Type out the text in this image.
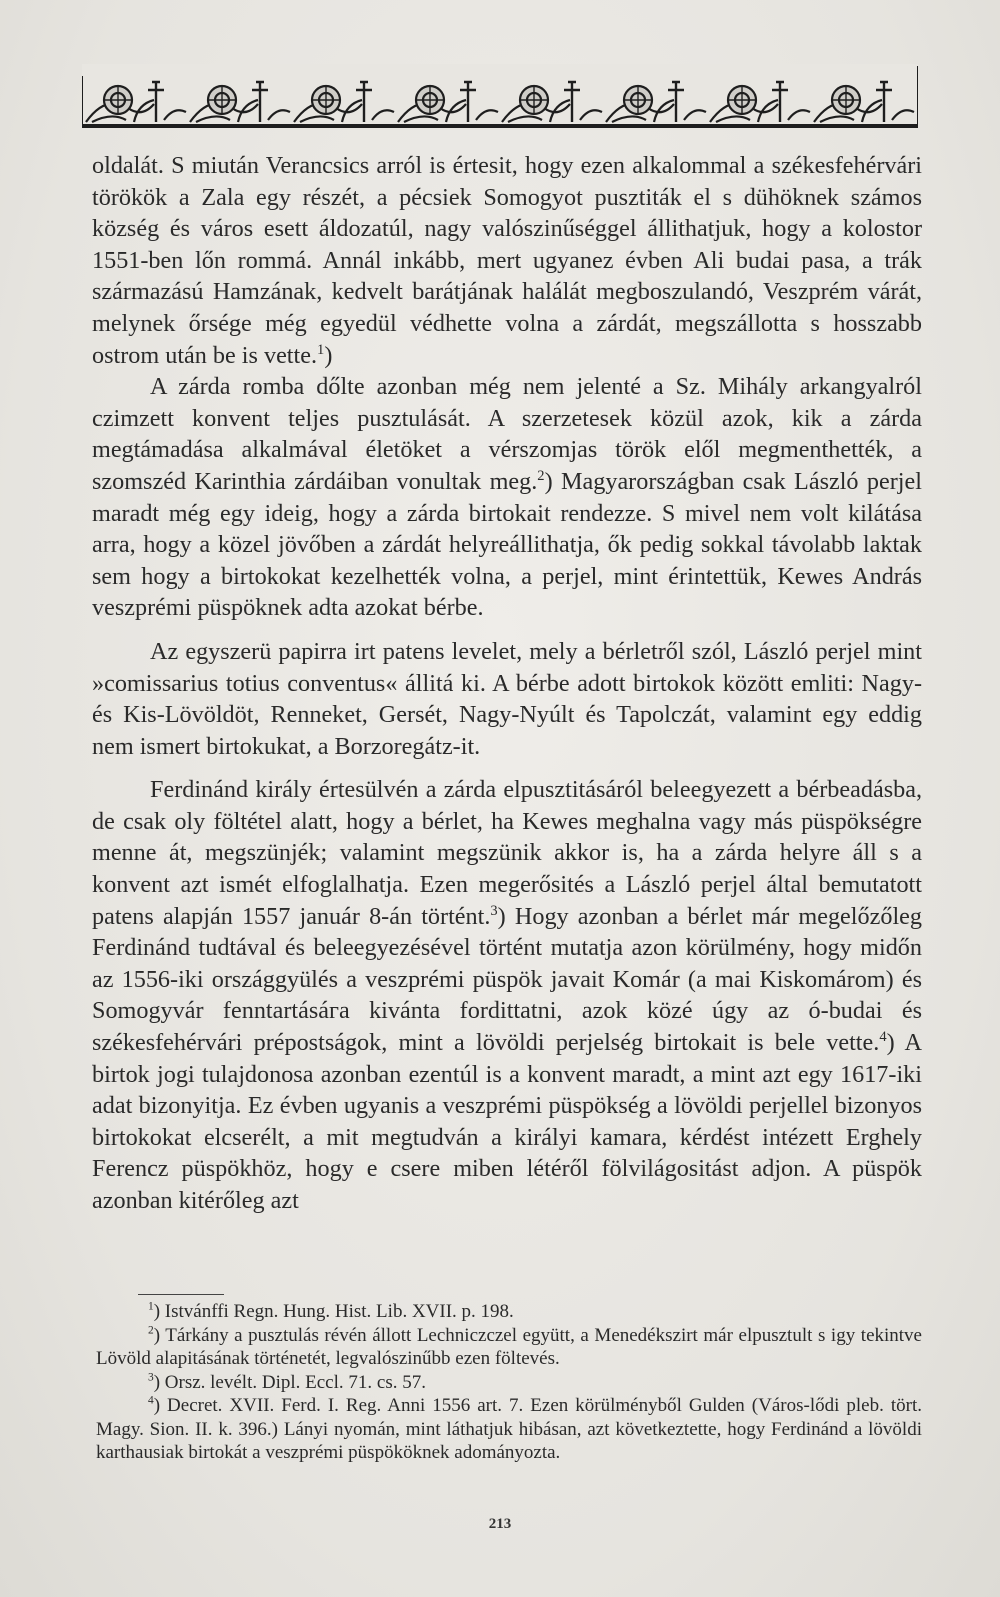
oldalát. S miután Verancsics arról is értesit, hogy ezen alkalommal a székesfehérvári törökök a Zala egy részét, a pécsiek Somogyot pusztiták el s dühöknek számos község és város esett áldozatúl, nagy valószinűséggel állithatjuk, hogy a kolostor 1551-ben lőn rommá. Annál inkább, mert ugyanez évben Ali budai pasa, a trák származású Hamzának, kedvelt barátjának halálát megboszulandó, Veszprém várát, melynek őrsége még egyedül védhette volna a zárdát, megszállotta s hosszabb ostrom után be is vette.$^1$)

A zárda romba dőlte azonban még nem jelenté a Sz. Mihály arkangyalról czimzett konvent teljes pusztulását. A szerzetesek közül azok, kik a zárda megtámadása alkalmával életöket a vérszomjas török elől megmenthették, a szomszéd Karinthia zárdáiban vonultak meg.$^2$) Magyarországban csak László perjel maradt még egy ideig, hogy a zárda birtokait rendezze. S mivel nem volt kilátása arra, hogy a közel jövőben a zárdát helyreállithatja, ők pedig sokkal távolabb laktak sem hogy a birtokokat kezelhették volna, a perjel, mint érintettük, Kewes András veszprémi püspöknek adta azokat bérbe.

Az egyszerü papirra irt patens levelet, mely a bérletről szól, László perjel mint »comissarius totius conventus« állitá ki. A bérbe adott birtokok között emliti: Nagy- és Kis-Lövöldöt, Renneket, Gersét, Nagy-Nyúlt és Tapolczát, valamint egy eddig nem ismert birtokukat, a Borzoregátz-it.

Ferdinánd király értesülvén a zárda elpusztitásáról beleegyezett a bérbeadásba, de csak oly föltétel alatt, hogy a bérlet, ha Kewes meghalna vagy más püspökségre menne át, megszünjék; valamint megszünik akkor is, ha a zárda helyre áll s a konvent azt ismét elfoglalhatja. Ezen megerősités a László perjel által bemutatott patens alapján 1557 január 8-án történt.$^3$) Hogy azonban a bérlet már megelőzőleg Ferdinánd tudtával és beleegyezésével történt mutatja azon körülmény, hogy midőn az 1556-iki országgyülés a veszprémi püspök javait Komár (a mai Kiskomárom) és Somogyvár fenntartásáгa kivánta fordittatni, azok közé úgy az ó-budai és székesfehérvári prépostságok, mint a lövöldi perjelség birtokait is bele vette.$^4$) A birtok jogi tulajdonosa azonban ezentúl is a konvent maradt, a mint azt egy 1617-iki adat bizonyitja. Ez évben ugyanis a veszprémi püspökség a lövöldi perjellel bizonyos birtokokat elcserélt, a mit megtudván a királyi kamara, kérdést intézett Erghely Ferencz püspökhöz, hogy e csere miben létéről fölvilágositást adjon. A püspök azonban kitérőleg azt

$^1$) Istvánffi Regn. Hung. Hist. Lib. XVII. p. 198.

$^2$) Tárkány a pusztulás révén állott Lechniczczel együtt, a Menedékszirt már elpusztult s igy tekintve Lövöld alapitásának történetét, legvalószinűbb ezen föltevés.

$^3$) Orsz. levélt. Dipl. Eccl. 71. cs. 57.

$^4$) Decret. XVII. Ferd. I. Reg. Anni 1556 art. 7. Ezen körülményből Gulden (Város-lődi pleb. tört. Magy. Sion. II. k. 396.) Lányi nyomán, mint láthatjuk hibásan, azt következtette, hogy Ferdinánd a lövöldi karthausiak birtokát a veszprémi püspököknek adományozta.

213
